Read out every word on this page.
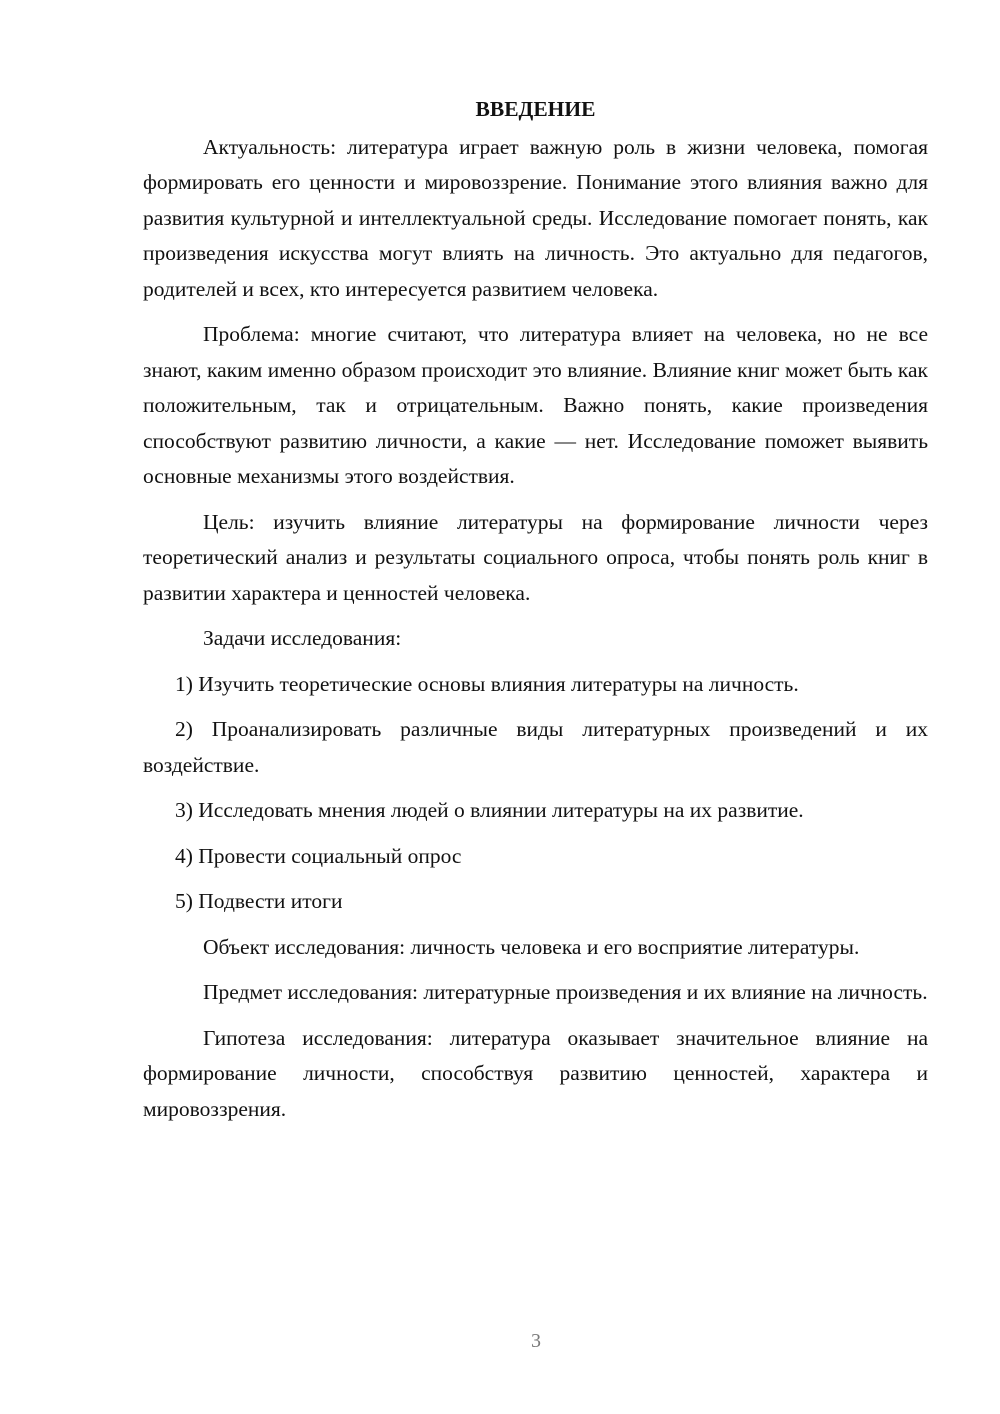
ВВЕДЕНИЕ

Актуальность: литература играет важную роль в жизни человека, помогая формировать его ценности и мировоззрение. Понимание этого влияния важно для развития культурной и интеллектуальной среды. Исследование помогает понять, как произведения искусства могут влиять на личность. Это актуально для педагогов, родителей и всех, кто интересуется развитием человека.

Проблема: многие считают, что литература влияет на человека, но не все знают, каким именно образом происходит это влияние. Влияние книг может быть как положительным, так и отрицательным. Важно понять, какие произведения способствуют развитию личности, а какие — нет. Исследование поможет выявить основные механизмы этого воздействия.

Цель: изучить влияние литературы на формирование личности через теоретический анализ и результаты социального опроса, чтобы понять роль книг в развитии характера и ценностей человека.

Задачи исследования:

1) Изучить теоретические основы влияния литературы на личность.

2) Проанализировать различные виды литературных произведений и их воздействие.

3) Исследовать мнения людей о влиянии литературы на их развитие.

4) Провести социальный опрос

5) Подвести итоги

Объект исследования: личность человека и его восприятие литературы.

Предмет исследования: литературные произведения и их влияние на личность.

Гипотеза исследования: литература оказывает значительное влияние на формирование личности, способствуя развитию ценностей, характера и мировоззрения.

3
